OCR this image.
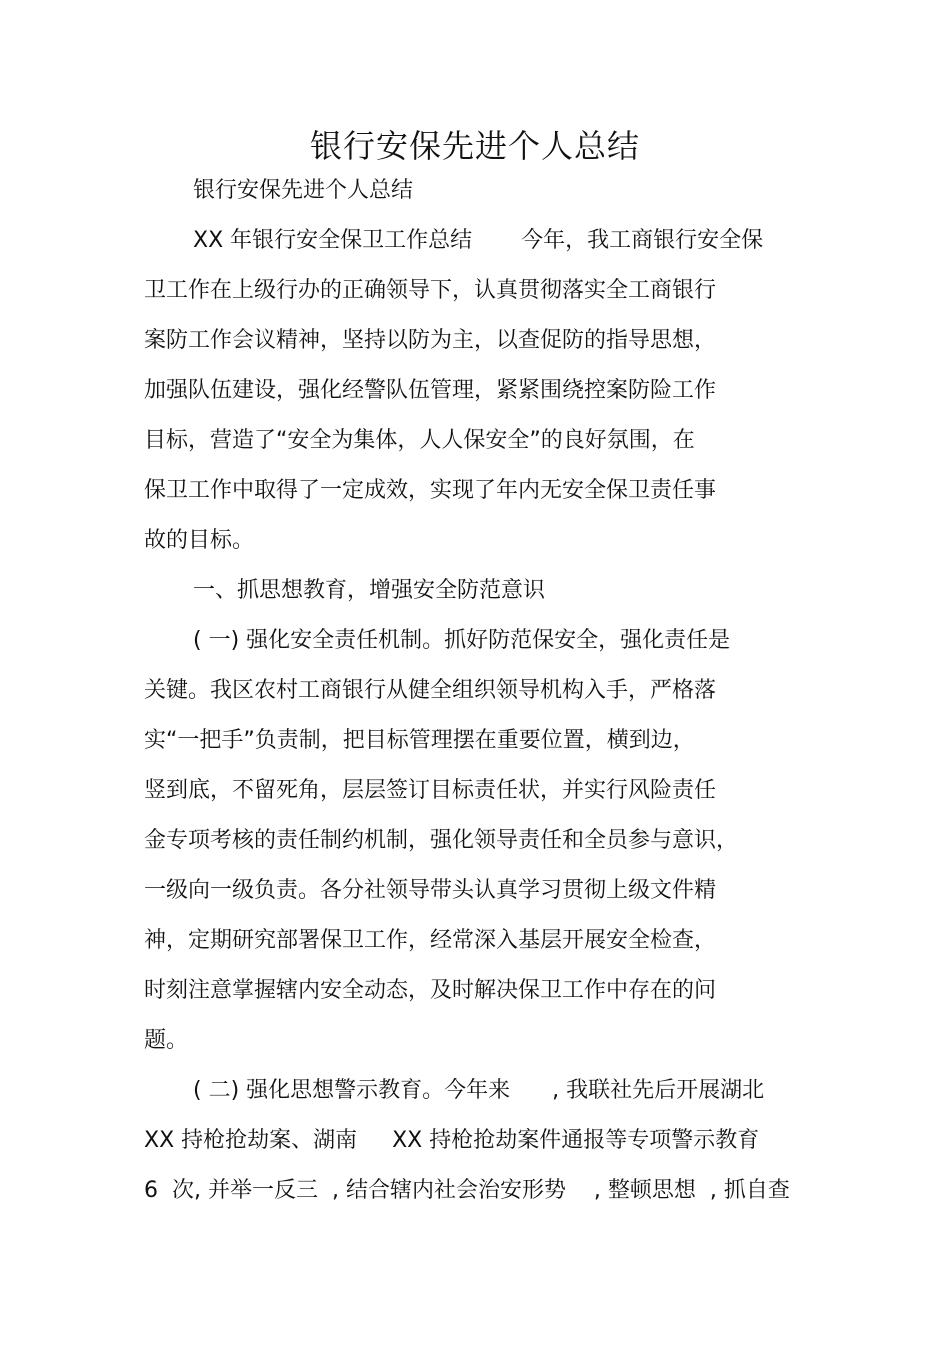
银行安保先进个人总结
银行安保先进个人总结
XX 年银行安全保卫工作总结       今年，我工商银行安全保
卫工作在上级行办的正确领导下，认真贯彻落实全工商银行
案防工作会议精神，坚持以防为主，以查促防的指导思想，
加强队伍建设，强化经警队伍管理，紧紧围绕控案防险工作
目标，营造了“安全为集体，人人保安全”的良好氛围，在
保卫工作中取得了一定成效，实现了年内无安全保卫责任事
故的目标。
一、抓思想教育，增强安全防范意识
( 一) 强化安全责任机制。抓好防范保安全，强化责任是
关键。我区农村工商银行从健全组织领导机构入手，严格落
实“一把手”负责制，把目标管理摆在重要位置，横到边，
竖到底，不留死角，层层签订目标责任状，并实行风险责任
金专项考核的责任制约机制，强化领导责任和全员参与意识，
一级向一级负责。各分社领导带头认真学习贯彻上级文件精
神，定期研究部署保卫工作，经常深入基层开展安全检查，
时刻注意掌握辖内安全动态，及时解决保卫工作中存在的问
题。
( 二) 强化思想警示教育。今年来      , 我联社先后开展湖北
XX 持枪抢劫案、湖南     XX 持枪抢劫案件通报等专项警示教育
6  次, 并举一反三  , 结合辖内社会治安形势    , 整顿思想  , 抓自查
